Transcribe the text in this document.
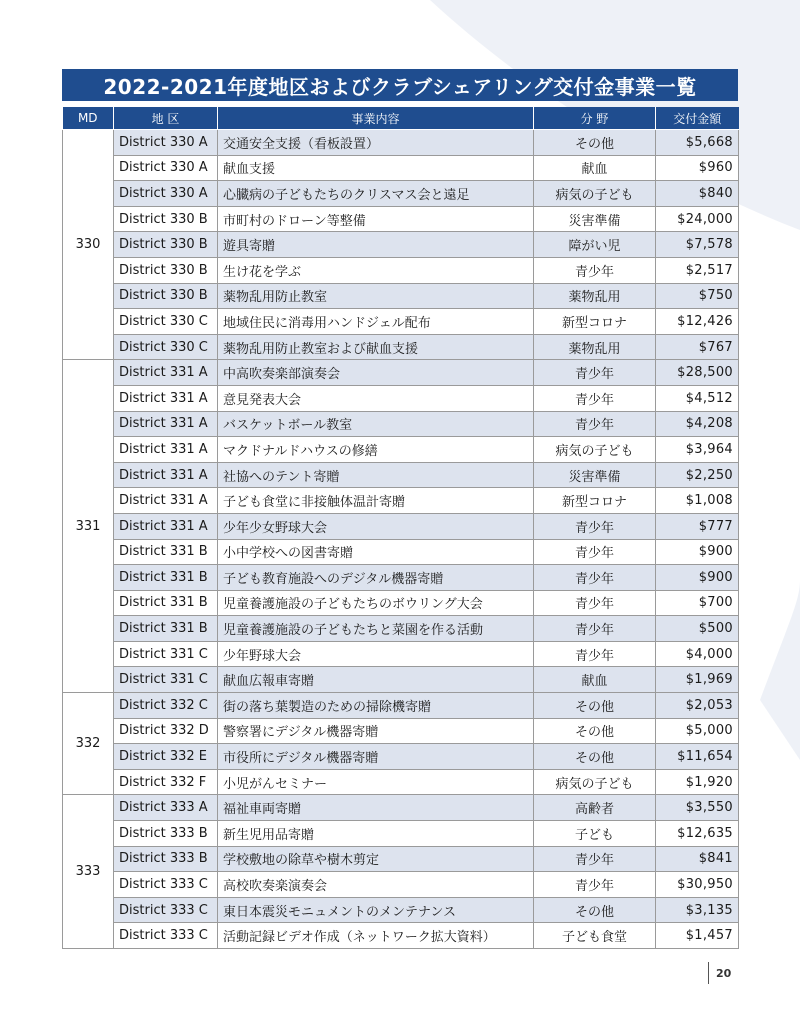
2022-2021年度地区およびクラブシェアリング交付金事業一覧
MD	地 区	事業内容	分 野	交付金額
330	District 330 A	交通安全支援（看板設置）	その他	$5,668
	District 330 A	献血支援	献血	$960
	District 330 A	心臓病の子どもたちのクリスマス会と遠足	病気の子ども	$840
	District 330 B	市町村のドローン等整備	災害準備	$24,000
	District 330 B	遊具寄贈	障がい児	$7,578
	District 330 B	生け花を学ぶ	青少年	$2,517
	District 330 B	薬物乱用防止教室	薬物乱用	$750
	District 330 C	地域住民に消毒用ハンドジェル配布	新型コロナ	$12,426
	District 330 C	薬物乱用防止教室および献血支援	薬物乱用	$767
331	District 331 A	中高吹奏楽部演奏会	青少年	$28,500
	District 331 A	意見発表大会	青少年	$4,512
	District 331 A	バスケットボール教室	青少年	$4,208
	District 331 A	マクドナルドハウスの修繕	病気の子ども	$3,964
	District 331 A	社協へのテント寄贈	災害準備	$2,250
	District 331 A	子ども食堂に非接触体温計寄贈	新型コロナ	$1,008
	District 331 A	少年少女野球大会	青少年	$777
	District 331 B	小中学校への図書寄贈	青少年	$900
	District 331 B	子ども教育施設へのデジタル機器寄贈	青少年	$900
	District 331 B	児童養護施設の子どもたちのボウリング大会	青少年	$700
	District 331 B	児童養護施設の子どもたちと菜園を作る活動	青少年	$500
	District 331 C	少年野球大会	青少年	$4,000
	District 331 C	献血広報車寄贈	献血	$1,969
332	District 332 C	街の落ち葉製造のための掃除機寄贈	その他	$2,053
	District 332 D	警察署にデジタル機器寄贈	その他	$5,000
	District 332 E	市役所にデジタル機器寄贈	その他	$11,654
	District 332 F	小児がんセミナー	病気の子ども	$1,920
333	District 333 A	福祉車両寄贈	高齢者	$3,550
	District 333 B	新生児用品寄贈	子ども	$12,635
	District 333 B	学校敷地の除草や樹木剪定	青少年	$841
	District 333 C	高校吹奏楽演奏会	青少年	$30,950
	District 333 C	東日本震災モニュメントのメンテナンス	その他	$3,135
	District 333 C	活動記録ビデオ作成（ネットワーク拡大資料）	子ども食堂	$1,457
20
